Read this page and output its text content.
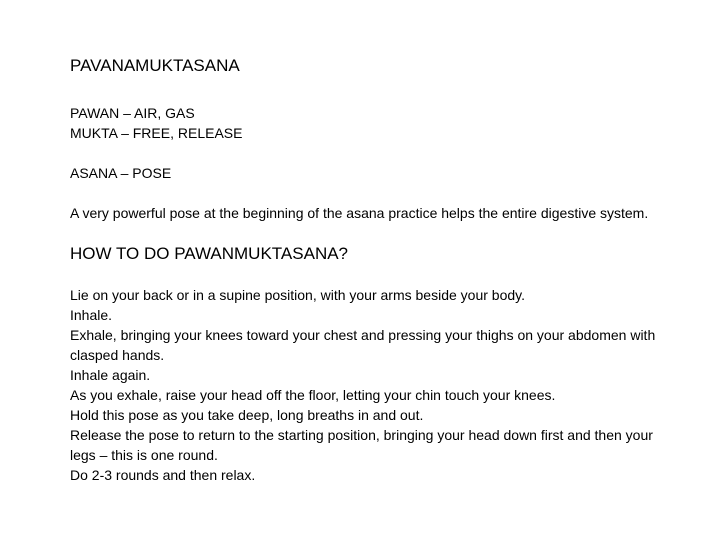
PAVANAMUKTASANA

PAWAN – AIR, GAS

MUKTA – FREE, RELEASE

ASANA – POSE

A very powerful pose at the beginning of the asana practice helps the entire digestive system.

HOW TO DO PAWANMUKTASANA?

Lie on your back or in a supine position, with your arms beside your body.

Inhale.

Exhale, bringing your knees toward your chest and pressing your thighs on your abdomen with clasped hands.

Inhale again.

As you exhale, raise your head off the floor, letting your chin touch your knees.

Hold this pose as you take deep, long breaths in and out.

Release the pose to return to the starting position, bringing your head down first and then your legs – this is one round.

Do 2-3 rounds and then relax.
